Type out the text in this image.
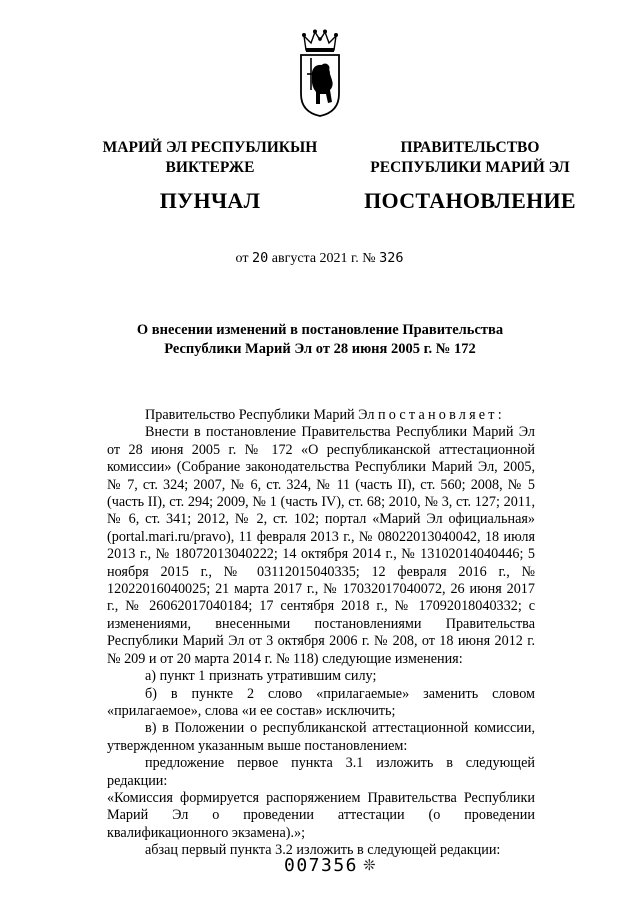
МАРИЙ ЭЛ РЕСПУБЛИКЫН
ВИКТЕРЖЕ
ПУНЧАЛ
ПРАВИТЕЛЬСТВО
РЕСПУБЛИКИ МАРИЙ ЭЛ
ПОСТАНОВЛЕНИЕ
от 20 августа 2021 г. № 326
О внесении изменений в постановление Правительства
Республики Марий Эл от 28 июня 2005 г. № 172

Правительство Республики Марий Эл постановляет:

Внести в постановление Правительства Республики Марий Эл от 28 июня 2005 г. № 172 «О республиканской аттестационной комиссии» (Собрание законодательства Республики Марий Эл, 2005, № 7, ст. 324; 2007, № 6, ст. 324, № 11 (часть II), ст. 560; 2008, № 5 (часть II), ст. 294; 2009, № 1 (часть IV), ст. 68; 2010, № 3, ст. 127; 2011, № 6, ст. 341; 2012, № 2, ст. 102; портал «Марий Эл официальная» (portal.mari.ru/pravo), 11 февраля 2013 г., № 08022013040042, 18 июля 2013 г., № 18072013040222; 14 октября 2014 г., № 13102014040446; 5 ноября 2015 г., № 03112015040335; 12 февраля 2016 г., № 12022016040025; 21 марта 2017 г., № 17032017040072, 26 июня 2017 г., № 26062017040184; 17 сентября 2018 г., № 17092018040332; с изменениями, внесенными постановлениями Правительства Республики Марий Эл от 3 октября 2006 г. № 208, от 18 июня 2012 г. № 209 и от 20 марта 2014 г. № 118) следующие изменения:

а) пункт 1 признать утратившим силу;

б) в пункте 2 слово «прилагаемые» заменить словом «прилагаемое», слова «и ее состав» исключить;

в) в Положении о республиканской аттестационной комиссии, утвержденном указанным выше постановлением:

предложение первое пункта 3.1 изложить в следующей редакции:

«Комиссия формируется распоряжением Правительства Республики Марий Эл о проведении аттестации (о проведении квалификационного экзамена).»;

абзац первый пункта 3.2 изложить в следующей редакции:

007356 ❊
